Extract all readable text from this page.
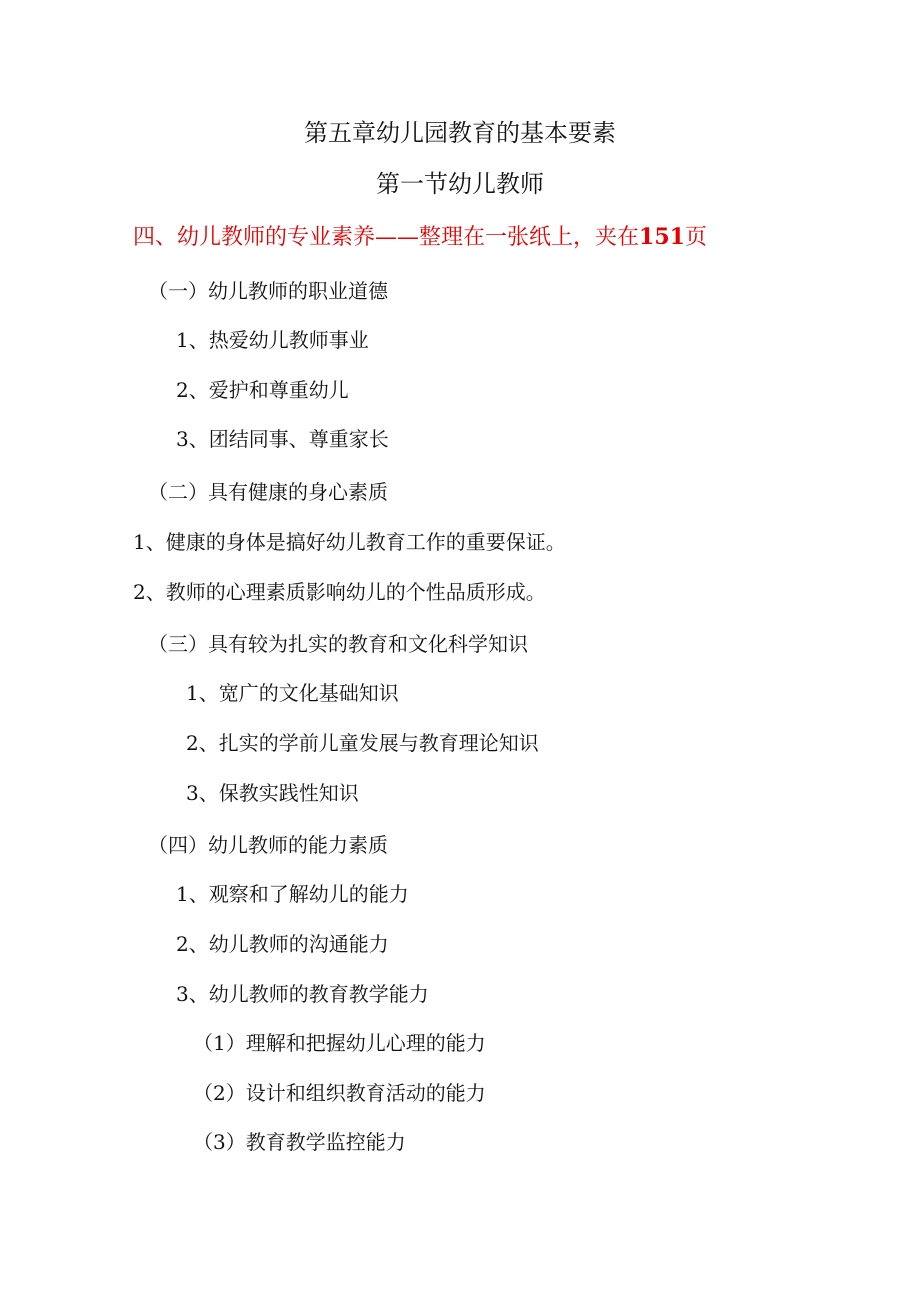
第五章幼儿园教育的基本要素
第一节幼儿教师
四、幼儿教师的专业素养——整理在一张纸上，夹在151页
（一）幼儿教师的职业道德
1、热爱幼儿教师事业
2、爱护和尊重幼儿
3、团结同事、尊重家长
（二）具有健康的身心素质
1、健康的身体是搞好幼儿教育工作的重要保证。
2、教师的心理素质影响幼儿的个性品质形成。
（三）具有较为扎实的教育和文化科学知识
1、宽广的文化基础知识
2、扎实的学前儿童发展与教育理论知识
3、保教实践性知识
（四）幼儿教师的能力素质
1、观察和了解幼儿的能力
2、幼儿教师的沟通能力
3、幼儿教师的教育教学能力
（1）理解和把握幼儿心理的能力
（2）设计和组织教育活动的能力
（3）教育教学监控能力
